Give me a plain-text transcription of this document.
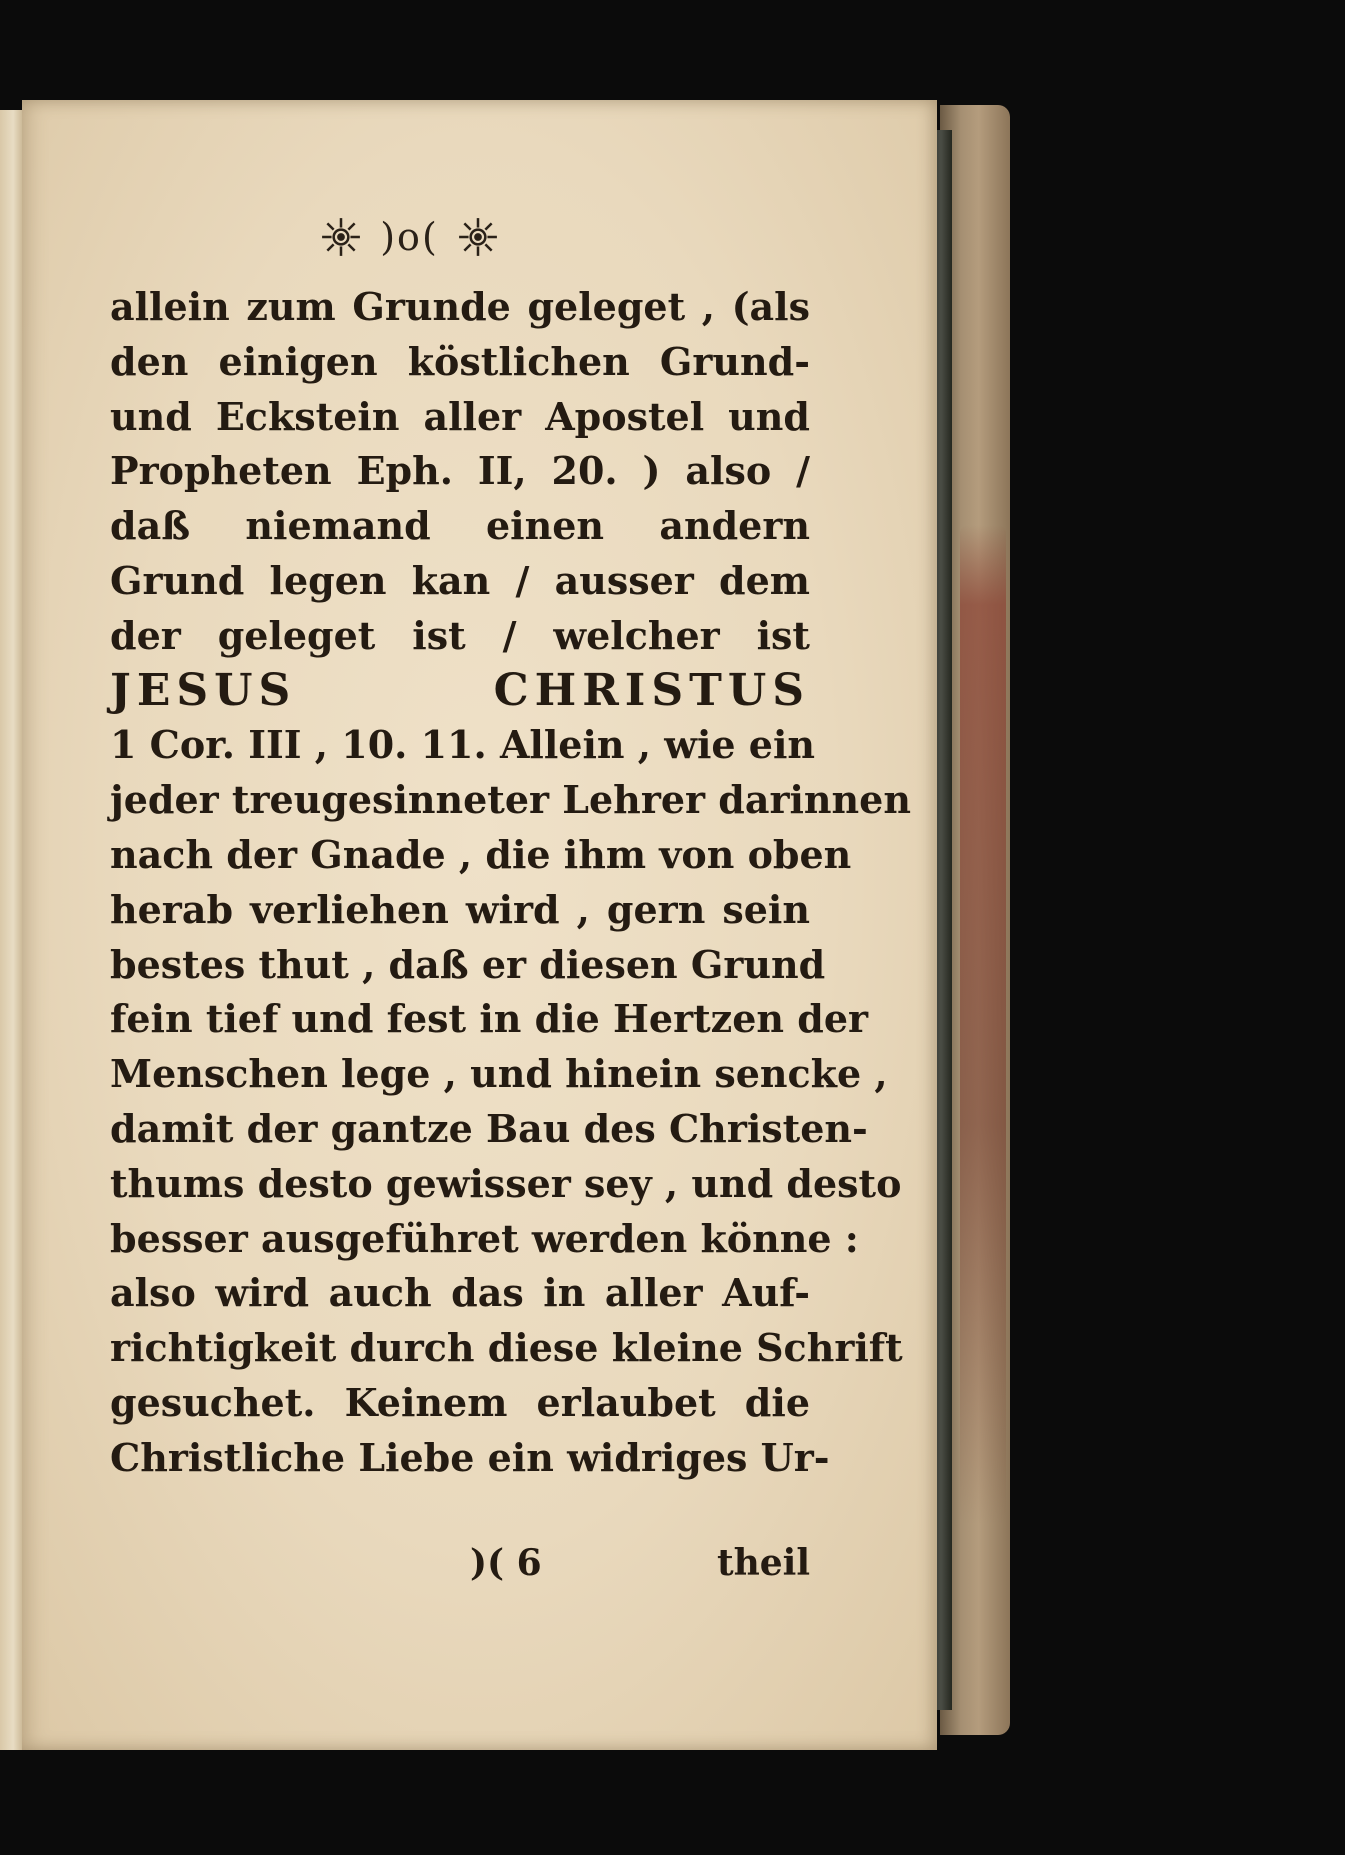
)o(
allein zum Grunde geleget , (als
den einigen köstlichen Grund-
und Eckstein aller Apostel und
Propheten Eph. II, 20. ) also /
daß niemand einen andern
Grund legen kan / ausser dem
der geleget ist / welcher ist
JESUS CHRISTUS
1 Cor. III , 10. 11. Allein , wie ein
jeder treugesinneter Lehrer darinnen
nach der Gnade , die ihm von oben
herab verliehen wird , gern sein
bestes thut , daß er diesen Grund
fein tief und fest in die Hertzen der
Menschen lege , und hinein sencke ,
damit der gantze Bau des Christen-
thums desto gewisser sey , und desto
besser ausgeführet werden könne :
also wird auch das in aller Auf-
richtigkeit durch diese kleine Schrift
gesuchet. Keinem erlaubet die
Christliche Liebe ein widriges Ur-
)( 6	theil
